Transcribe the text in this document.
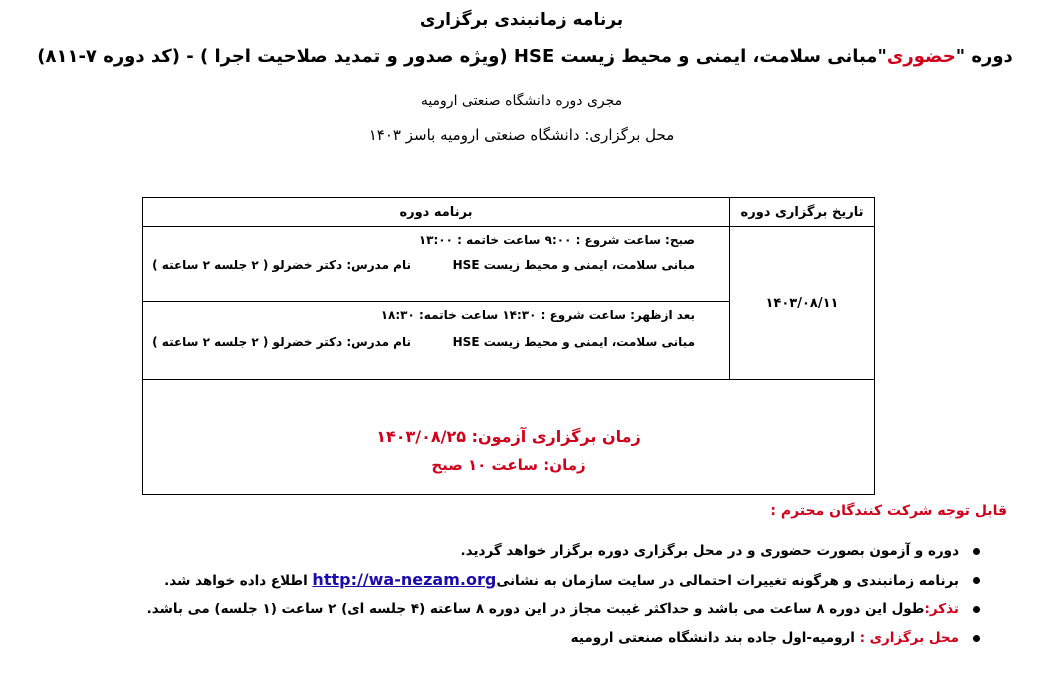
برنامه زمانبندی برگزاری
دوره "حضوری"مبانی سلامت، ایمنی و محیط زیست HSE (ویژه صدور و تمدید صلاحیت اجرا ) - (کد دوره ۷-۸۱۱)
مجری دوره دانشگاه صنعتی ارومیه
محل برگزاری: دانشگاه صنعتی ارومیه باسز ۱۴۰۳
تاریخ برگزاری دوره	برنامه دوره
۱۴۰۳/۰۸/۱۱	صبح: ساعت شروع : ۹:۰۰ ساعت خاتمه : ۱۳:۰۰
مبانی سلامت، ایمنی و محیط زیست HSE
نام مدرس: دکتر خضرلو ( ۲ جلسه ۲ ساعته )

	بعد ازظهر: ساعت شروع : ۱۴:۳۰ ساعت خاتمه: ۱۸:۳۰
مبانی سلامت، ایمنی و محیط زیست HSE
نام مدرس: دکتر خضرلو ( ۲ جلسه ۲ ساعته )

زمان برگزاری آزمون: ۱۴۰۳/۰۸/۲۵
زمان: ساعت ۱۰ صبح	
قابل توجه شرکت کنندگان محترم :
دوره و آزمون بصورت حضوری و در محل برگزاری دوره برگزار خواهد گردید.
برنامه زمانبندی و هرگونه تغییرات احتمالی در سایت سازمان به نشانیhttp://wa-nezam.org اطلاع داده خواهد شد.
تذکر:طول این دوره ۸ ساعت می باشد و حداکثر غیبت مجاز در این دوره ۸ ساعته (۴ جلسه ای) ۲ ساعت (۱ جلسه) می باشد.
محل برگزاری : ارومیه-اول جاده بند دانشگاه صنعتی ارومیه
